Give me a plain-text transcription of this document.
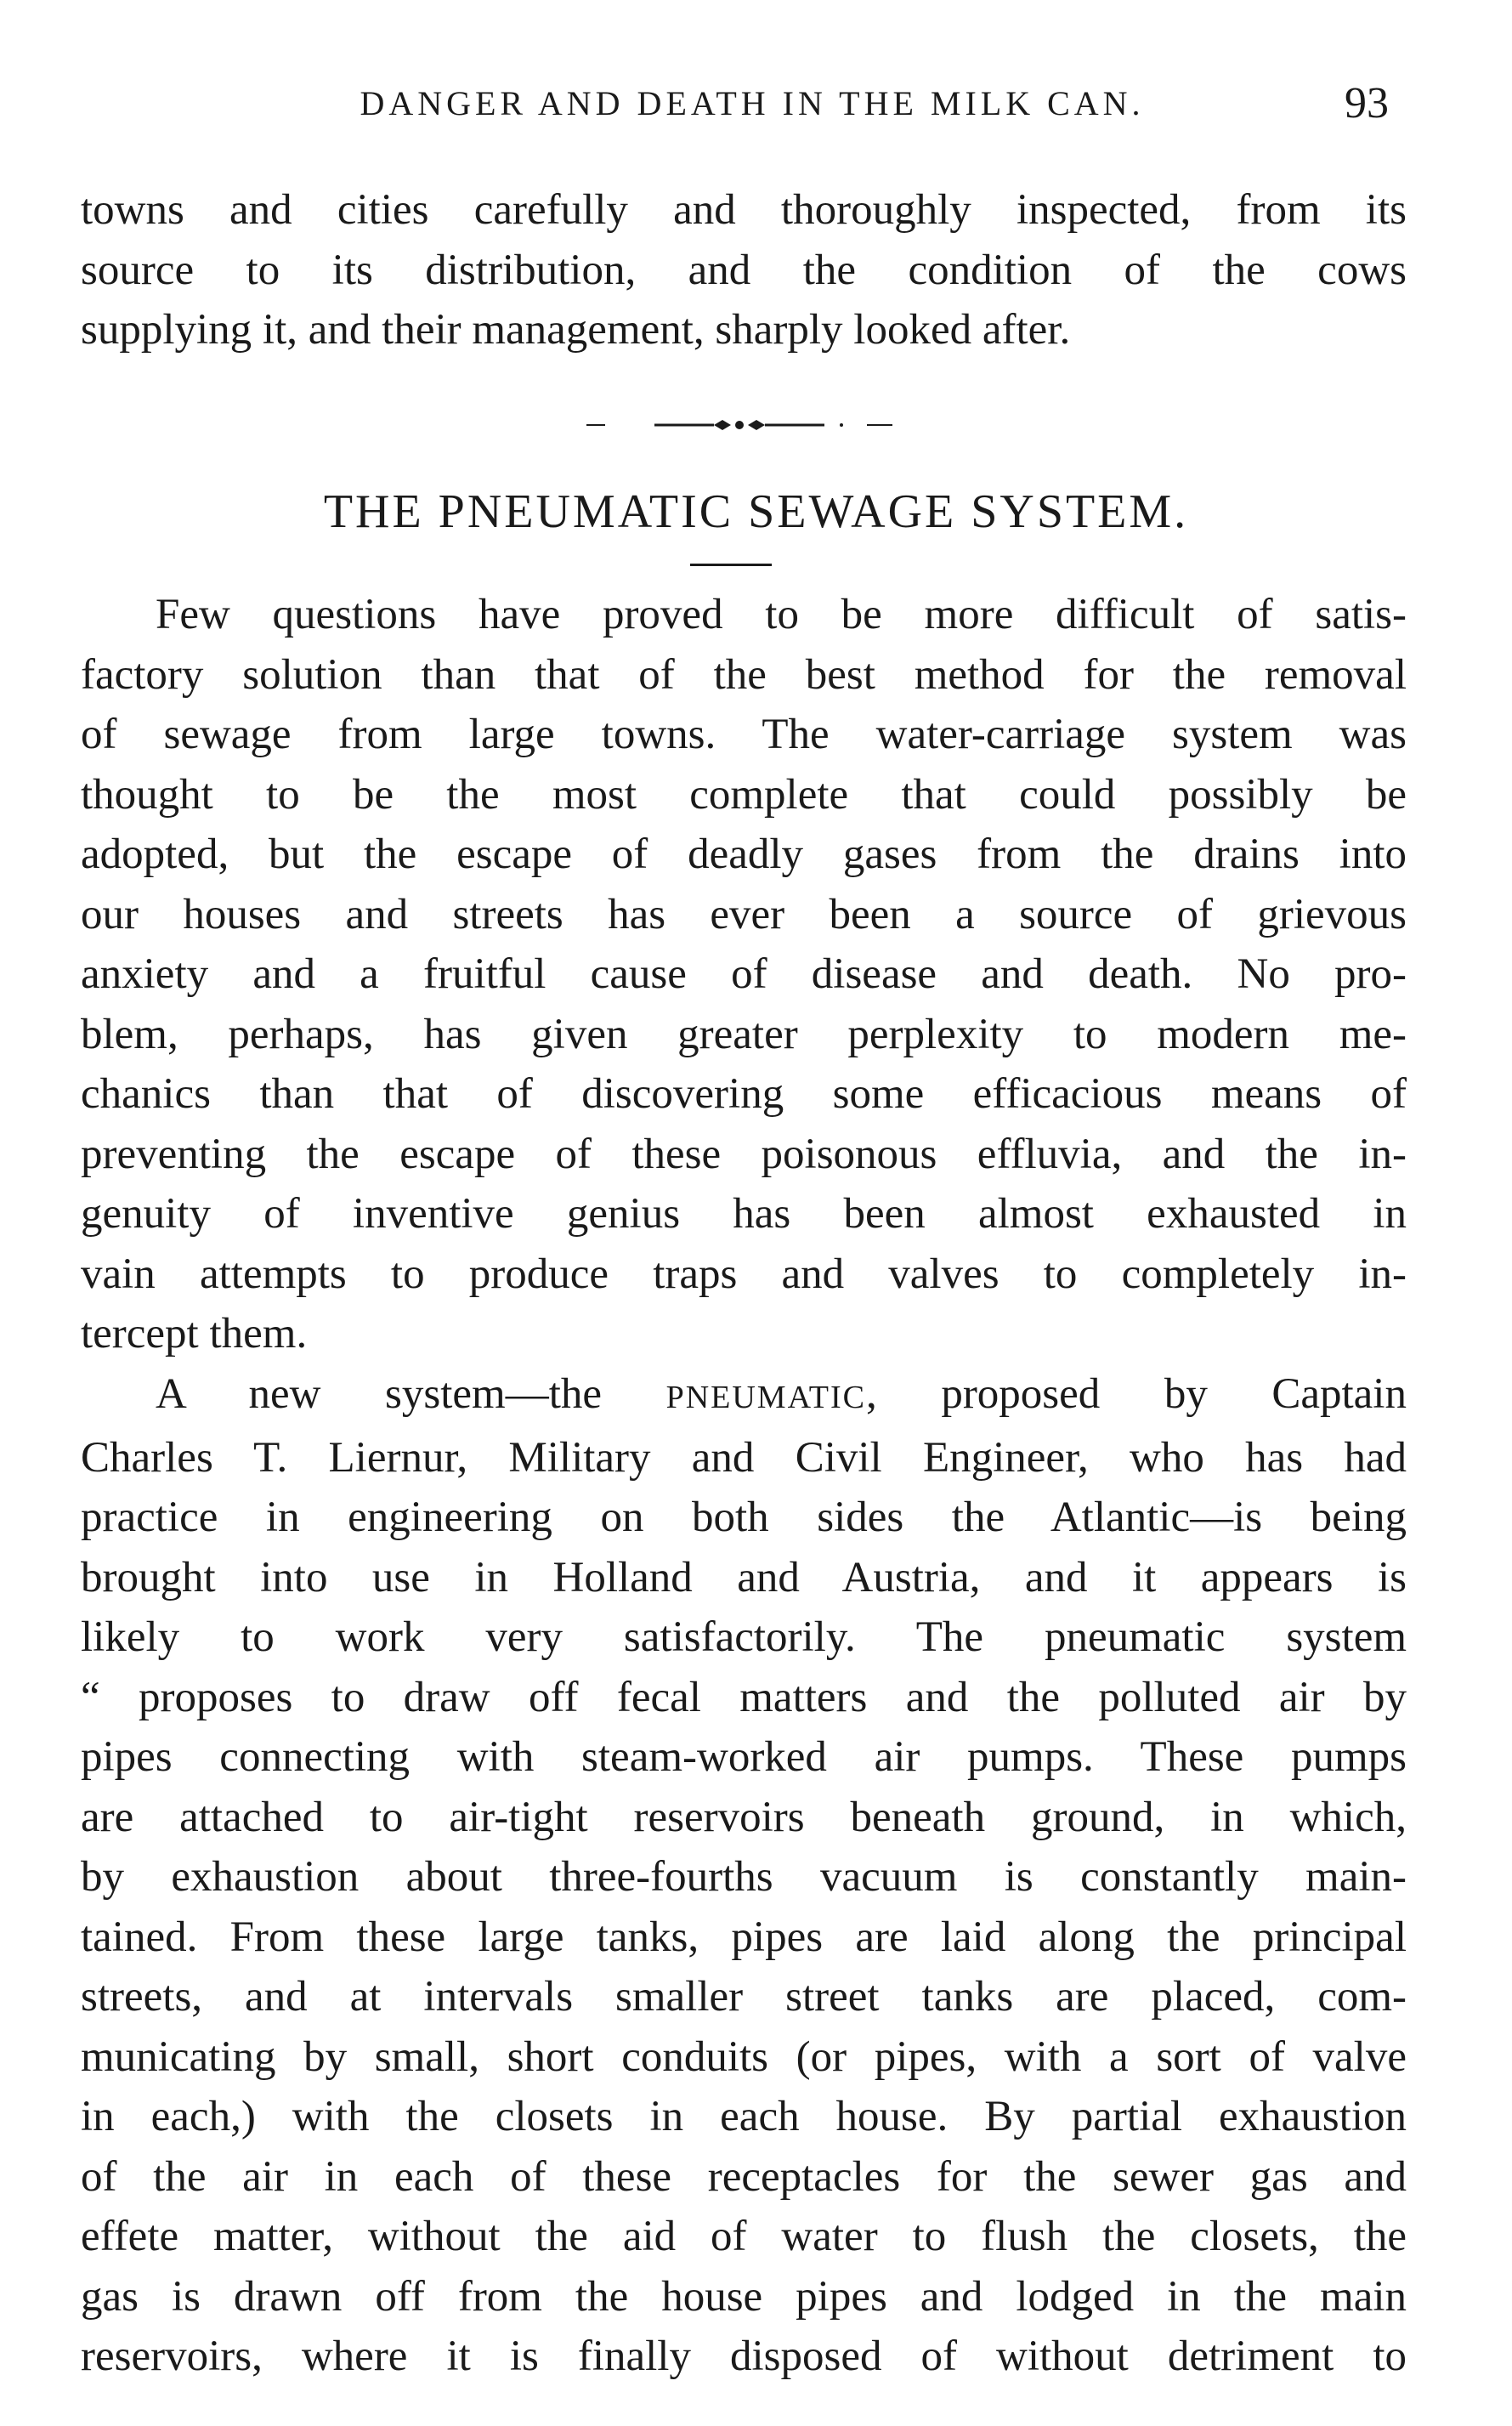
DANGER AND DEATH IN THE MILK CAN.	93
towns and cities carefully and thoroughly inspected, from its
source to its distribution, and the condition of the cows
supplying it, and their management, sharply looked after.
THE PNEUMATIC SEWAGE SYSTEM.
Few questions have proved to be more difficult of satis-
factory solution than that of the best method for the removal
of sewage from large towns. The water-carriage system was
thought to be the most complete that could possibly be
adopted, but the escape of deadly gases from the drains into
our houses and streets has ever been a source of grievous
anxiety and a fruitful cause of disease and death. No pro-
blem, perhaps, has given greater perplexity to modern me-
chanics than that of discovering some efficacious means of
preventing the escape of these poisonous effluvia, and the in-
genuity of inventive genius has been almost exhausted in
vain attempts to produce traps and valves to completely in-
tercept them.
A new system—the PNEUMATIC, proposed by Captain
Charles T. Liernur, Military and Civil Engineer, who has had
practice in engineering on both sides the Atlantic—is being
brought into use in Holland and Austria, and it appears is
likely to work very satisfactorily. The pneumatic system
“ proposes to draw off fecal matters and the polluted air by
pipes connecting with steam-worked air pumps. These pumps
are attached to air-tight reservoirs beneath ground, in which,
by exhaustion about three-fourths vacuum is constantly main-
tained. From these large tanks, pipes are laid along the principal
streets, and at intervals smaller street tanks are placed, com-
municating by small, short conduits (or pipes, with a sort of valve
in each,) with the closets in each house. By partial exhaustion
of the air in each of these receptacles for the sewer gas and
effete matter, without the aid of water to flush the closets, the
gas is drawn off from the house pipes and lodged in the main
reservoirs, where it is finally disposed of without detriment to
